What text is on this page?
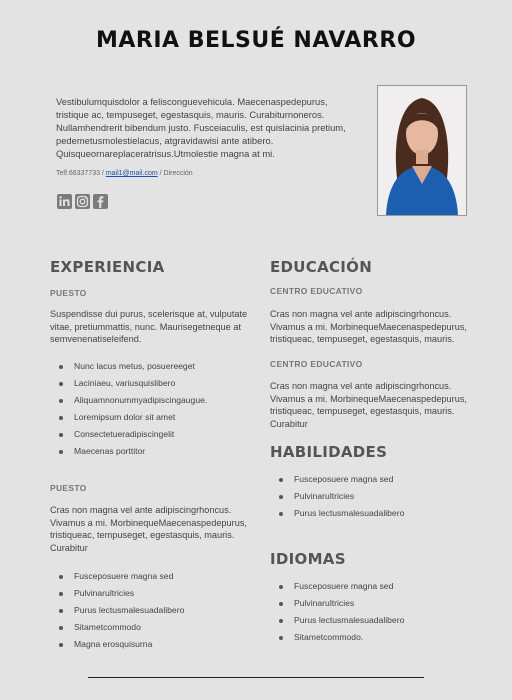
MARIA BELSUÉ NAVARRO
Vestibulumquisdolor a felisconguevehicula. Maecenaspedepurus, tristique ac, tempuseget, egestasquis, mauris. Curabiturnoneros. Nullamhendrerit bibendum justo. Fusceiaculis, est quislacinia pretium, pedemetusmolestielacus, atgravidawisi ante atibero. Quisqueornareplaceratrisus.Utmolestie magna at mi.
Telf.66337733 / mail1@mail.com / Dirección
EXPERIENCIA
PUESTO

Suspendisse dui purus, scelerisque at, vulputate vitae, pretiummattis, nunc. Maurisegetneque at semvenenatiseleifend.

Nunc lacus metus, posuereeget
Laciniaeu, variusquislibero
Aliquamnonummyadipiscingaugue.
Loremipsum dolor sit amet
Consectetueradipiscingelit
Maecenas porttitor
PUESTO

Cras non magna vel ante adipiscingrhoncus. Vivamus a mi. MorbinequeMaecenaspedepurus, tristiqueac, tempuseget, egestasquis, mauris. Curabitur

Fusceposuere magna sed
Pulvinarultricies
Purus lectusmalesuadalibero
Sitametcommodo
Magna erosquisurna
EDUCACIÓN
CENTRO EDUCATIVO

Cras non magna vel ante adipiscingrhoncus. Vivamus a mi. MorbinequeMaecenaspedepurus, tristiqueac, tempuseget, egestasquis, mauris.

CENTRO EDUCATIVO

Cras non magna vel ante adipiscingrhoncus. Vivamus a mi. MorbinequeMaecenaspedepurus, tristiqueac, tempuseget, egestasquis, mauris. Curabitur

HABILIDADES
Fusceposuere magna sed
Pulvinarultricies
Purus lectusmalesuadalibero
IDIOMAS
Fusceposuere magna sed
Pulvinarultricies
Purus lectusmalesuadalibero
Sitametcommodo.
